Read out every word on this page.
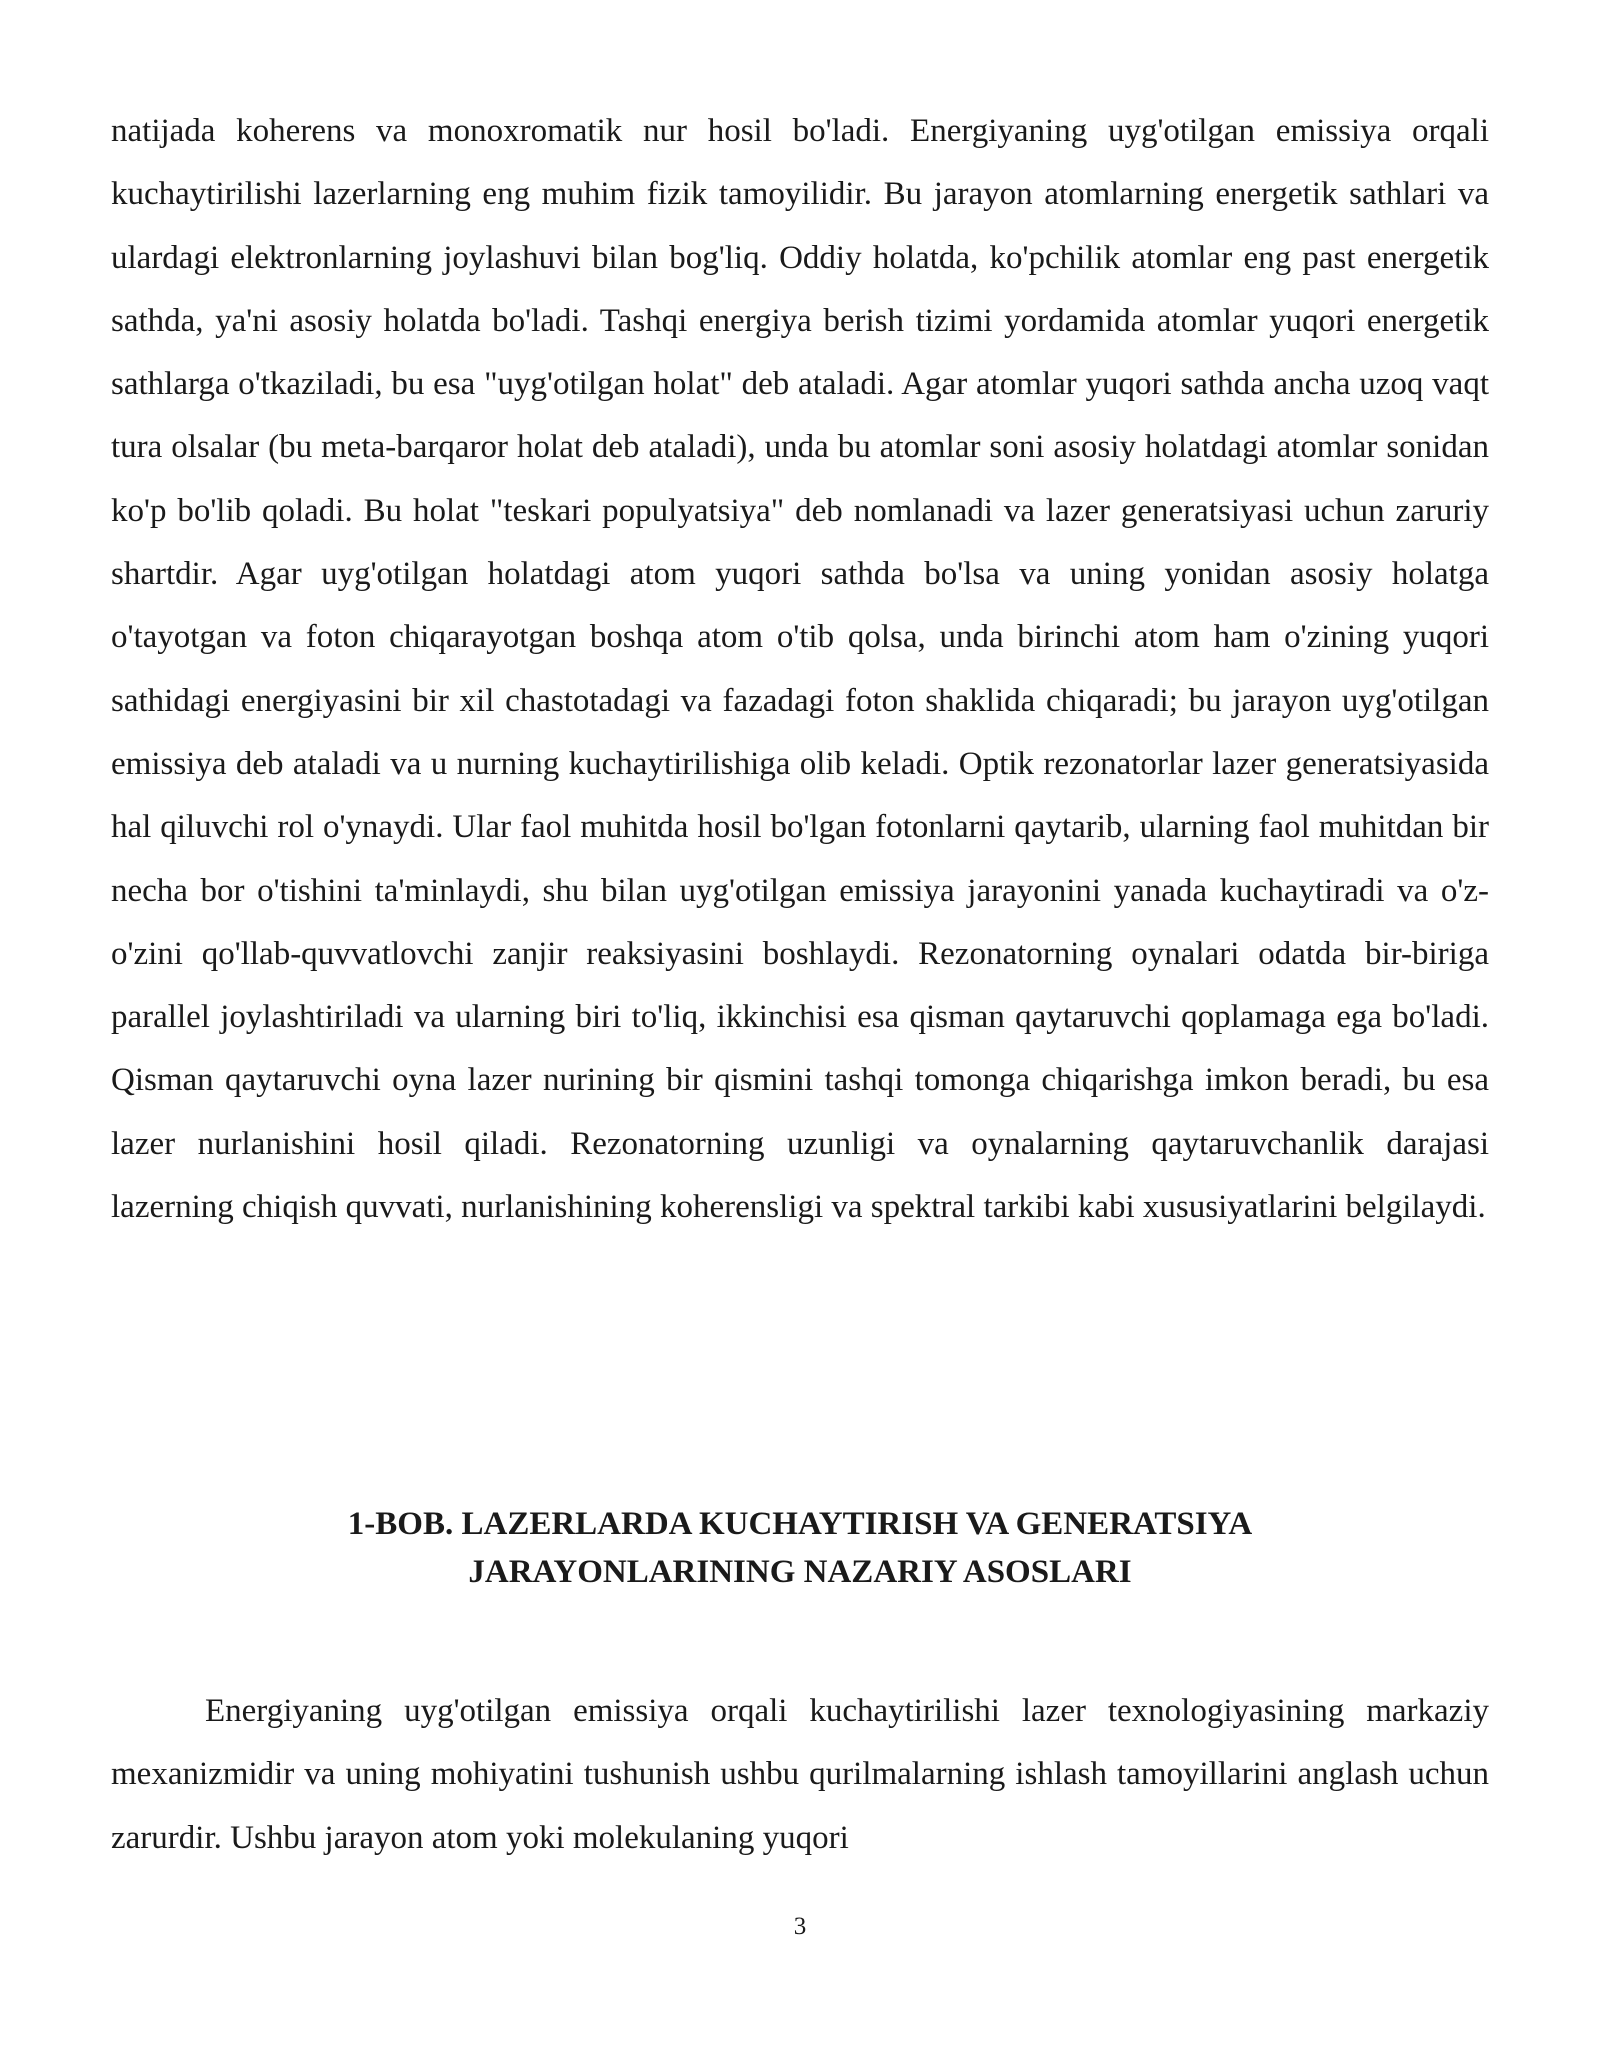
natijada koherens va monoxromatik nur hosil bo'ladi. Energiyaning uyg'otilgan emissiya orqali kuchaytirilishi lazerlarning eng muhim fizik tamoyilidir. Bu jarayon atomlarning energetik sathlari va ulardagi elektronlarning joylashuvi bilan bog'liq. Oddiy holatda, ko'pchilik atomlar eng past energetik sathda, ya'ni asosiy holatda bo'ladi. Tashqi energiya berish tizimi yordamida atomlar yuqori energetik sathlarga o'tkaziladi, bu esa "uyg'otilgan holat" deb ataladi. Agar atomlar yuqori sathda ancha uzoq vaqt tura olsalar (bu meta-barqaror holat deb ataladi), unda bu atomlar soni asosiy holatdagi atomlar sonidan ko'p bo'lib qoladi. Bu holat "teskari populyatsiya" deb nomlanadi va lazer generatsiyasi uchun zaruriy shartdir. Agar uyg'otilgan holatdagi atom yuqori sathda bo'lsa va uning yonidan asosiy holatga o'tayotgan va foton chiqarayotgan boshqa atom o'tib qolsa, unda birinchi atom ham o'zining yuqori sathidagi energiyasini bir xil chastotadagi va fazadagi foton shaklida chiqaradi; bu jarayon uyg'otilgan emissiya deb ataladi va u nurning kuchaytirilishiga olib keladi. Optik rezonatorlar lazer generatsiyasida hal qiluvchi rol o'ynaydi. Ular faol muhitda hosil bo'lgan fotonlarni qaytarib, ularning faol muhitdan bir necha bor o'tishini ta'minlaydi, shu bilan uyg'otilgan emissiya jarayonini yanada kuchaytiradi va o'z-o'zini qo'llab-quvvatlovchi zanjir reaksiyasini boshlaydi. Rezonatorning oynalari odatda bir-biriga parallel joylashtiriladi va ularning biri to'liq, ikkinchisi esa qisman qaytaruvchi qoplamaga ega bo'ladi. Qisman qaytaruvchi oyna lazer nurining bir qismini tashqi tomonga chiqarishga imkon beradi, bu esa lazer nurlanishini hosil qiladi. Rezonatorning uzunligi va oynalarning qaytaruvchanlik darajasi lazerning chiqish quvvati, nurlanishining koherensligi va spektral tarkibi kabi xususiyatlarini belgilaydi.

1-BOB. LAZERLARDA KUCHAYTIRISH VA GENERATSIYA
JARAYONLARINING NAZARIY ASOSLARI

Energiyaning uyg'otilgan emissiya orqali kuchaytirilishi lazer texnologiyasining markaziy mexanizmidir va uning mohiyatini tushunish ushbu qurilmalarning ishlash tamoyillarini anglash uchun zarurdir. Ushbu jarayon atom yoki molekulaning yuqori

3
